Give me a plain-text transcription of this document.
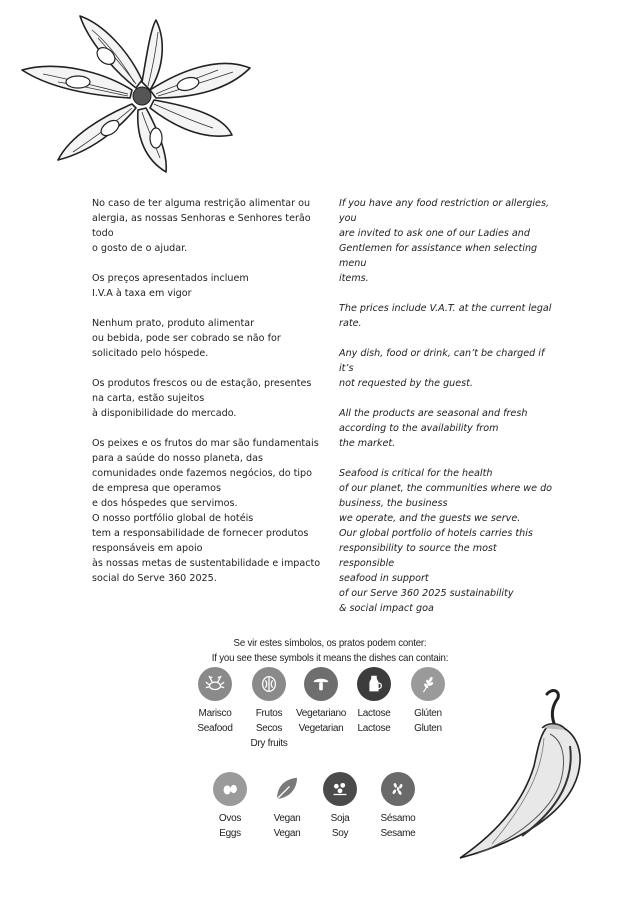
No caso de ter alguma restrição alimentar ou
alergia, as nossas Senhoras e Senhores terão
todo
o gosto de o ajudar.

Os preços apresentados incluem
I.V.A à taxa em vigor

Nenhum prato, produto alimentar
ou bebida, pode ser cobrado se não for
solicitado pelo hóspede.

Os produtos frescos ou de estação, presentes
na carta, estão sujeitos
à disponibilidade do mercado.

Os peixes e os frutos do mar são fundamentais
para a saúde do nosso planeta, das
comunidades onde fazemos negócios, do tipo
de empresa que operamos
e dos hóspedes que servimos.
O nosso portfólio global de hotéis
tem a responsabilidade de fornecer produtos
responsáveis em apoio
às nossas metas de sustentabilidade e impacto
social do Serve 360 2025.

If you have any food restriction or allergies, you
are invited to ask one of our Ladies and
Gentlemen for assistance when selecting menu
items.

The prices include V.A.T. at the current legal
rate.

Any dish, food or drink, can’t be charged if it’s
not requested by the guest.

All the products are seasonal and fresh
according to the availability from
the market.

Seafood is critical for the health
of our planet, the communities where we do
business, the business
we operate, and the guests we serve.
Our global portfolio of hotels carries this
responsibility to source the most responsible
seafood in support
of our Serve 360 2025 sustainability
& social impact goa

Se vir estes símbolos, os pratos podem conter:
If you see these symbols it means the dishes can contain:
Marisco
Seafood
Frutos
Secos
Dry fruits
Vegetariano
Vegetarian
Lactose
Lactose
Glúten
Gluten
Ovos
Eggs
Vegan
Vegan
Soja
Soy
Sésamo
Sesame
